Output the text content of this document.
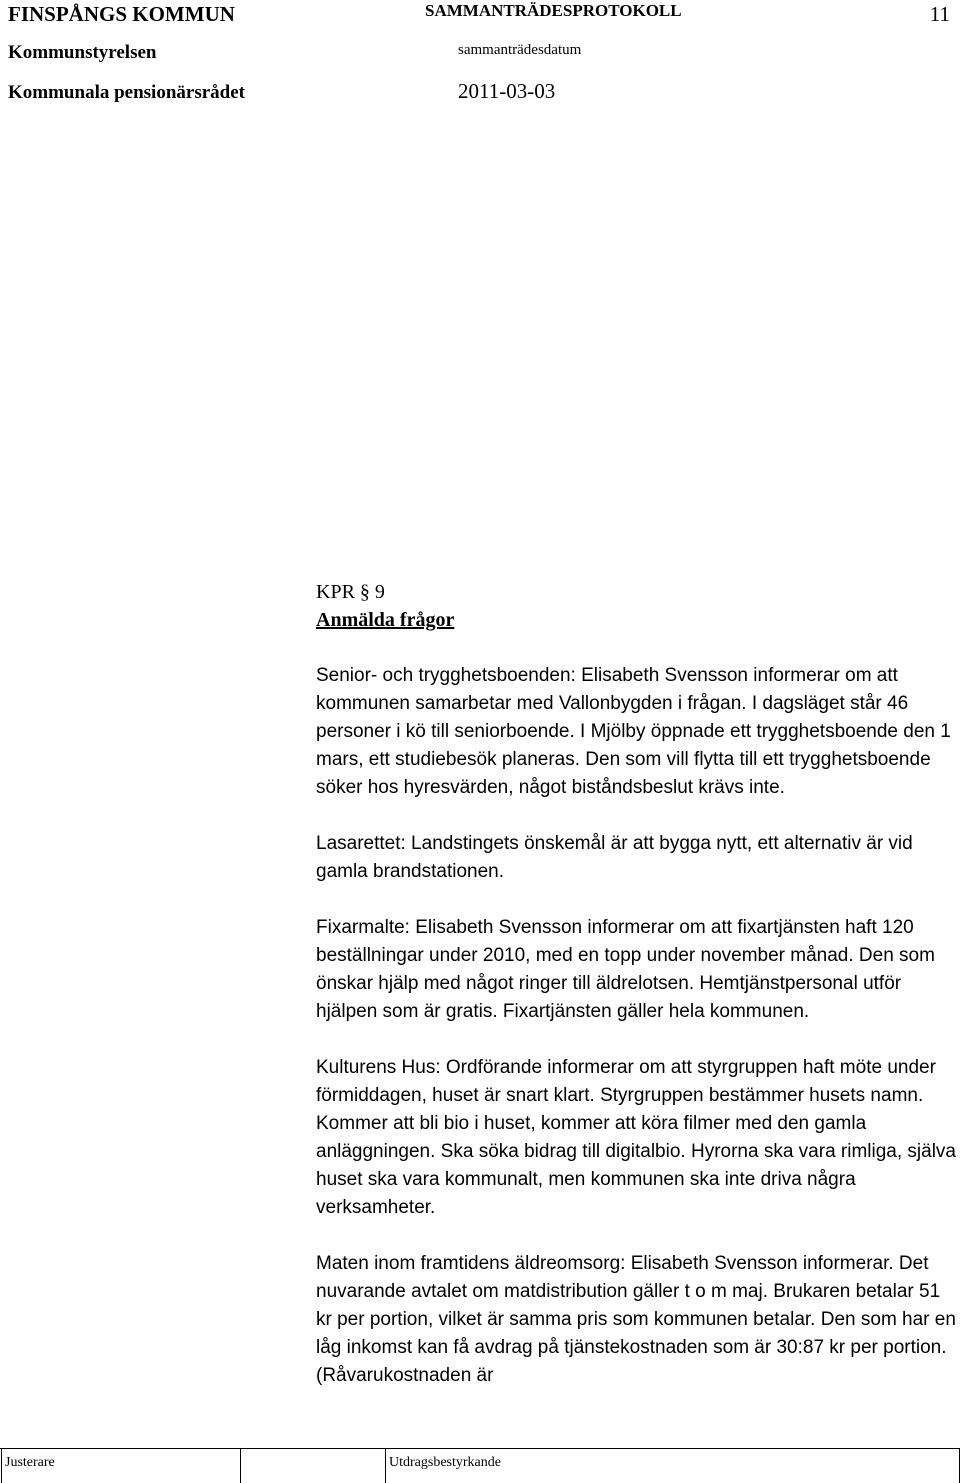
FINSPÅNGS KOMMUN	SAMMANTRÄDESPROTOKOLL	11
Kommunstyrelsen	sammanträdesdatum
Kommunala pensionärsrådet	2011-03-03

KPR § 9

Anmälda frågor

Senior- och trygghetsboenden: Elisabeth Svensson informerar om att kommunen samarbetar med Vallonbygden i frågan. I dagsläget står 46 personer i kö till seniorboende. I Mjölby öppnade ett trygghetsboende den 1 mars, ett studiebesök planeras. Den som vill flytta till ett trygghetsboende söker hos hyresvärden, något biståndsbeslut krävs inte.

Lasarettet: Landstingets önskemål är att bygga nytt, ett alternativ är vid gamla brandstationen.

Fixarmalte: Elisabeth Svensson informerar om att fixartjänsten haft 120 beställningar under 2010, med en topp under november månad. Den som önskar hjälp med något ringer till äldrelotsen. Hemtjänstpersonal utför hjälpen som är gratis. Fixartjänsten gäller hela kommunen.

Kulturens Hus: Ordförande informerar om att styrgruppen haft möte under förmiddagen, huset är snart klart. Styrgruppen bestämmer husets namn. Kommer att bli bio i huset, kommer att köra filmer med den gamla anläggningen. Ska söka bidrag till digitalbio. Hyrorna ska vara rimliga, själva huset ska vara kommunalt, men kommunen ska inte driva några verksamheter.

Maten inom framtidens äldreomsorg: Elisabeth Svensson informerar. Det nuvarande avtalet om matdistribution gäller t o m maj. Brukaren betalar 51 kr per portion, vilket är samma pris som kommunen betalar. Den som har en låg inkomst kan få avdrag på tjänstekostnaden som är 30:87 kr per portion. (Råvarukostnaden är

Justerare	Utdragsbestyrkande
